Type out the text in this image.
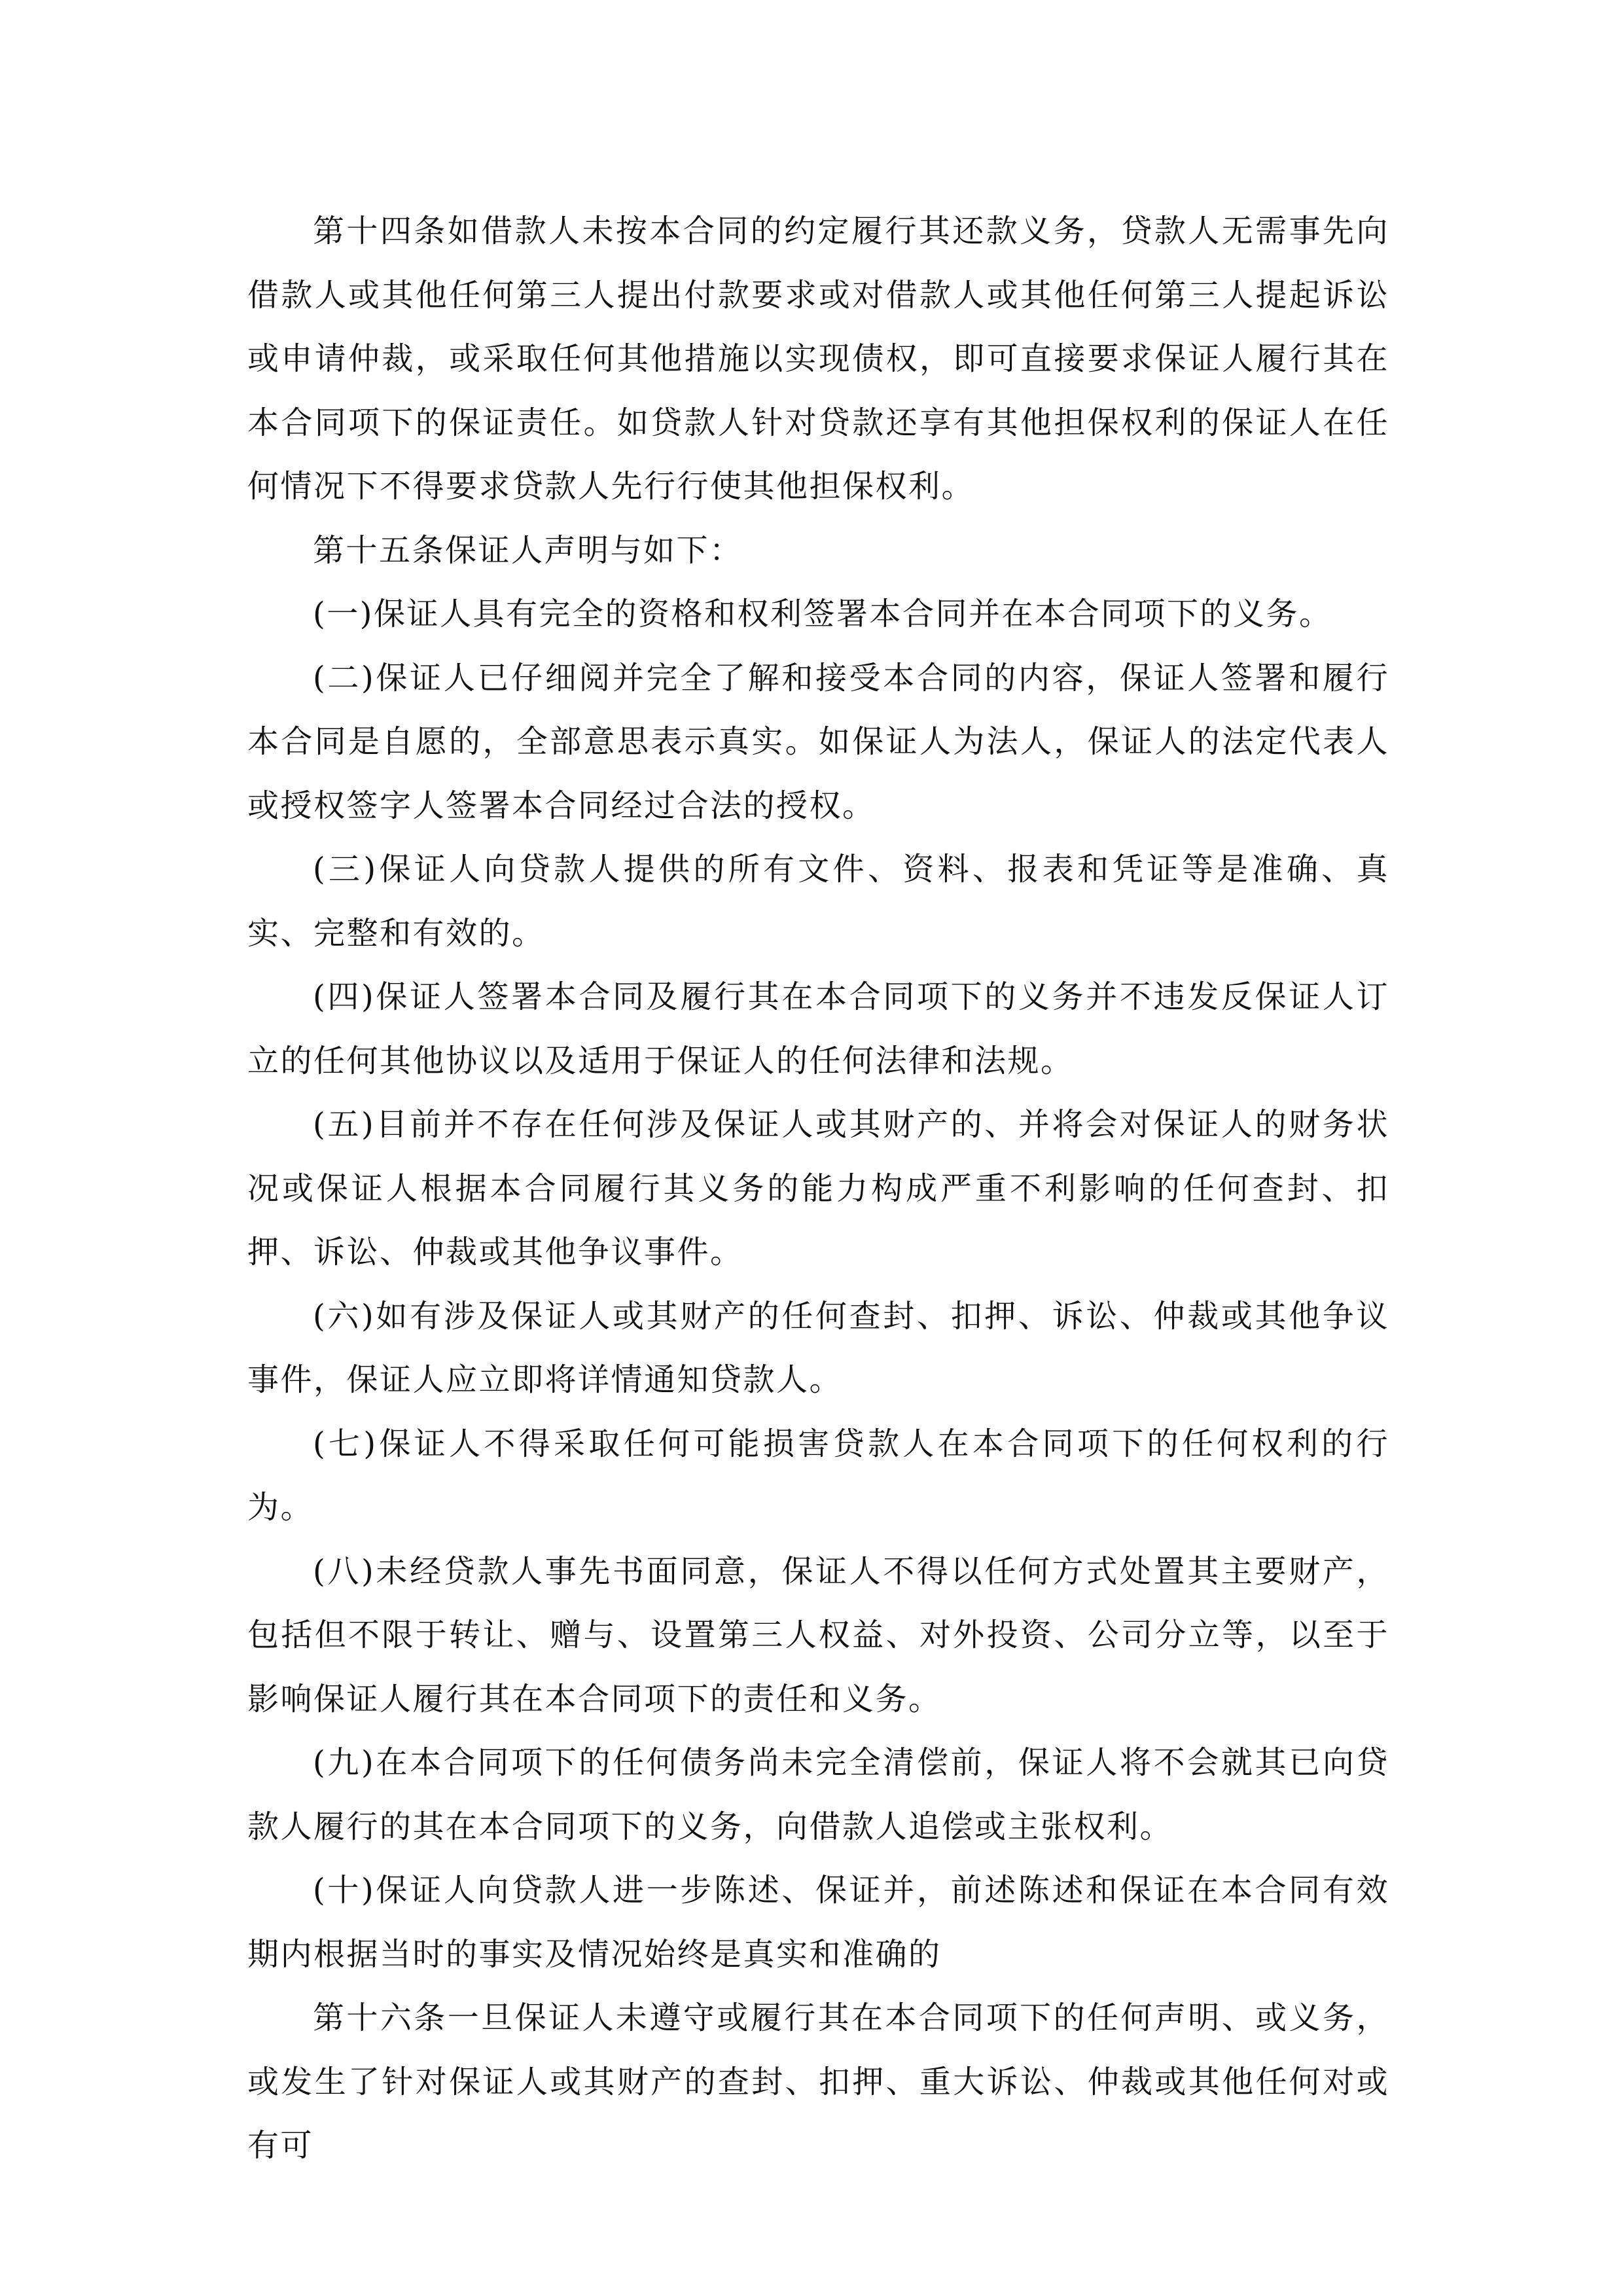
第十四条如借款人未按本合同的约定履行其还款义务，贷款人无需事先向借款人或其他任何第三人提出付款要求或对借款人或其他任何第三人提起诉讼或申请仲裁，或采取任何其他措施以实现债权，即可直接要求保证人履行其在本合同项下的保证责任。如贷款人针对贷款还享有其他担保权利的保证人在任何情况下不得要求贷款人先行行使其他担保权利。

第十五条保证人声明与如下：

(一)保证人具有完全的资格和权利签署本合同并在本合同项下的义务。

(二)保证人已仔细阅并完全了解和接受本合同的内容，保证人签署和履行本合同是自愿的，全部意思表示真实。如保证人为法人，保证人的法定代表人或授权签字人签署本合同经过合法的授权。

(三)保证人向贷款人提供的所有文件、资料、报表和凭证等是准确、真实、完整和有效的。

(四)保证人签署本合同及履行其在本合同项下的义务并不违发反保证人订立的任何其他协议以及适用于保证人的任何法律和法规。

(五)目前并不存在任何涉及保证人或其财产的、并将会对保证人的财务状况或保证人根据本合同履行其义务的能力构成严重不利影响的任何查封、扣押、诉讼、仲裁或其他争议事件。

(六)如有涉及保证人或其财产的任何查封、扣押、诉讼、仲裁或其他争议事件，保证人应立即将详情通知贷款人。

(七)保证人不得采取任何可能损害贷款人在本合同项下的任何权利的行为。

(八)未经贷款人事先书面同意，保证人不得以任何方式处置其主要财产，包括但不限于转让、赠与、设置第三人权益、对外投资、公司分立等，以至于影响保证人履行其在本合同项下的责任和义务。

(九)在本合同项下的任何债务尚未完全清偿前，保证人将不会就其已向贷款人履行的其在本合同项下的义务，向借款人追偿或主张权利。

(十)保证人向贷款人进一步陈述、保证并，前述陈述和保证在本合同有效期内根据当时的事实及情况始终是真实和准确的

第十六条一旦保证人未遵守或履行其在本合同项下的任何声明、或义务，或发生了针对保证人或其财产的查封、扣押、重大诉讼、仲裁或其他任何对或有可
